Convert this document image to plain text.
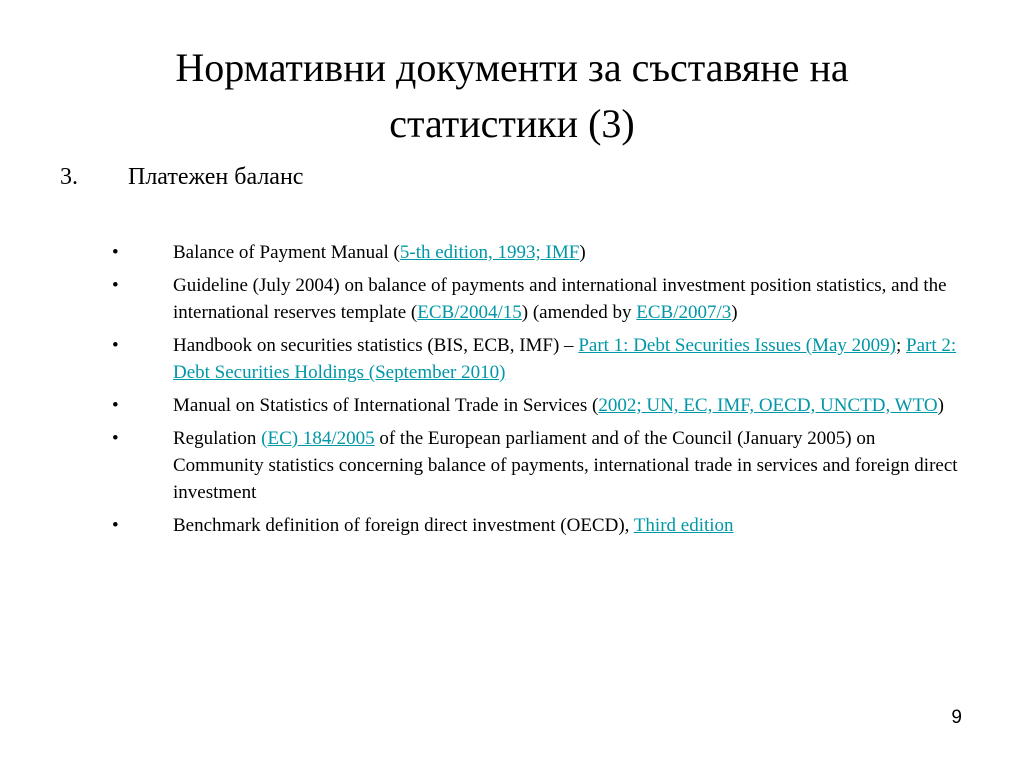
Нормативни документи за съставяне на
статистики (3)
3. Платежен баланс
•	Balance of Payment Manual (5-th edition, 1993; IMF)
•	Guideline (July 2004) on balance of payments and international investment position statistics, and the international reserves template (ECB/2004/15) (amended by ECB/2007/3)
•	Handbook on securities statistics (BIS, ECB, IMF) – Part 1: Debt Securities Issues (May 2009); Part 2: Debt Securities Holdings (September 2010)
•	Manual on Statistics of International Trade in Services (2002; UN, EC, IMF, OECD, UNCTD, WTO)
•	Regulation (EC) 184/2005 of the European parliament and of the Council (January 2005) on Community statistics concerning balance of payments, international trade in services and foreign direct investment
•	Benchmark definition of foreign direct investment (OECD), Third edition
9
